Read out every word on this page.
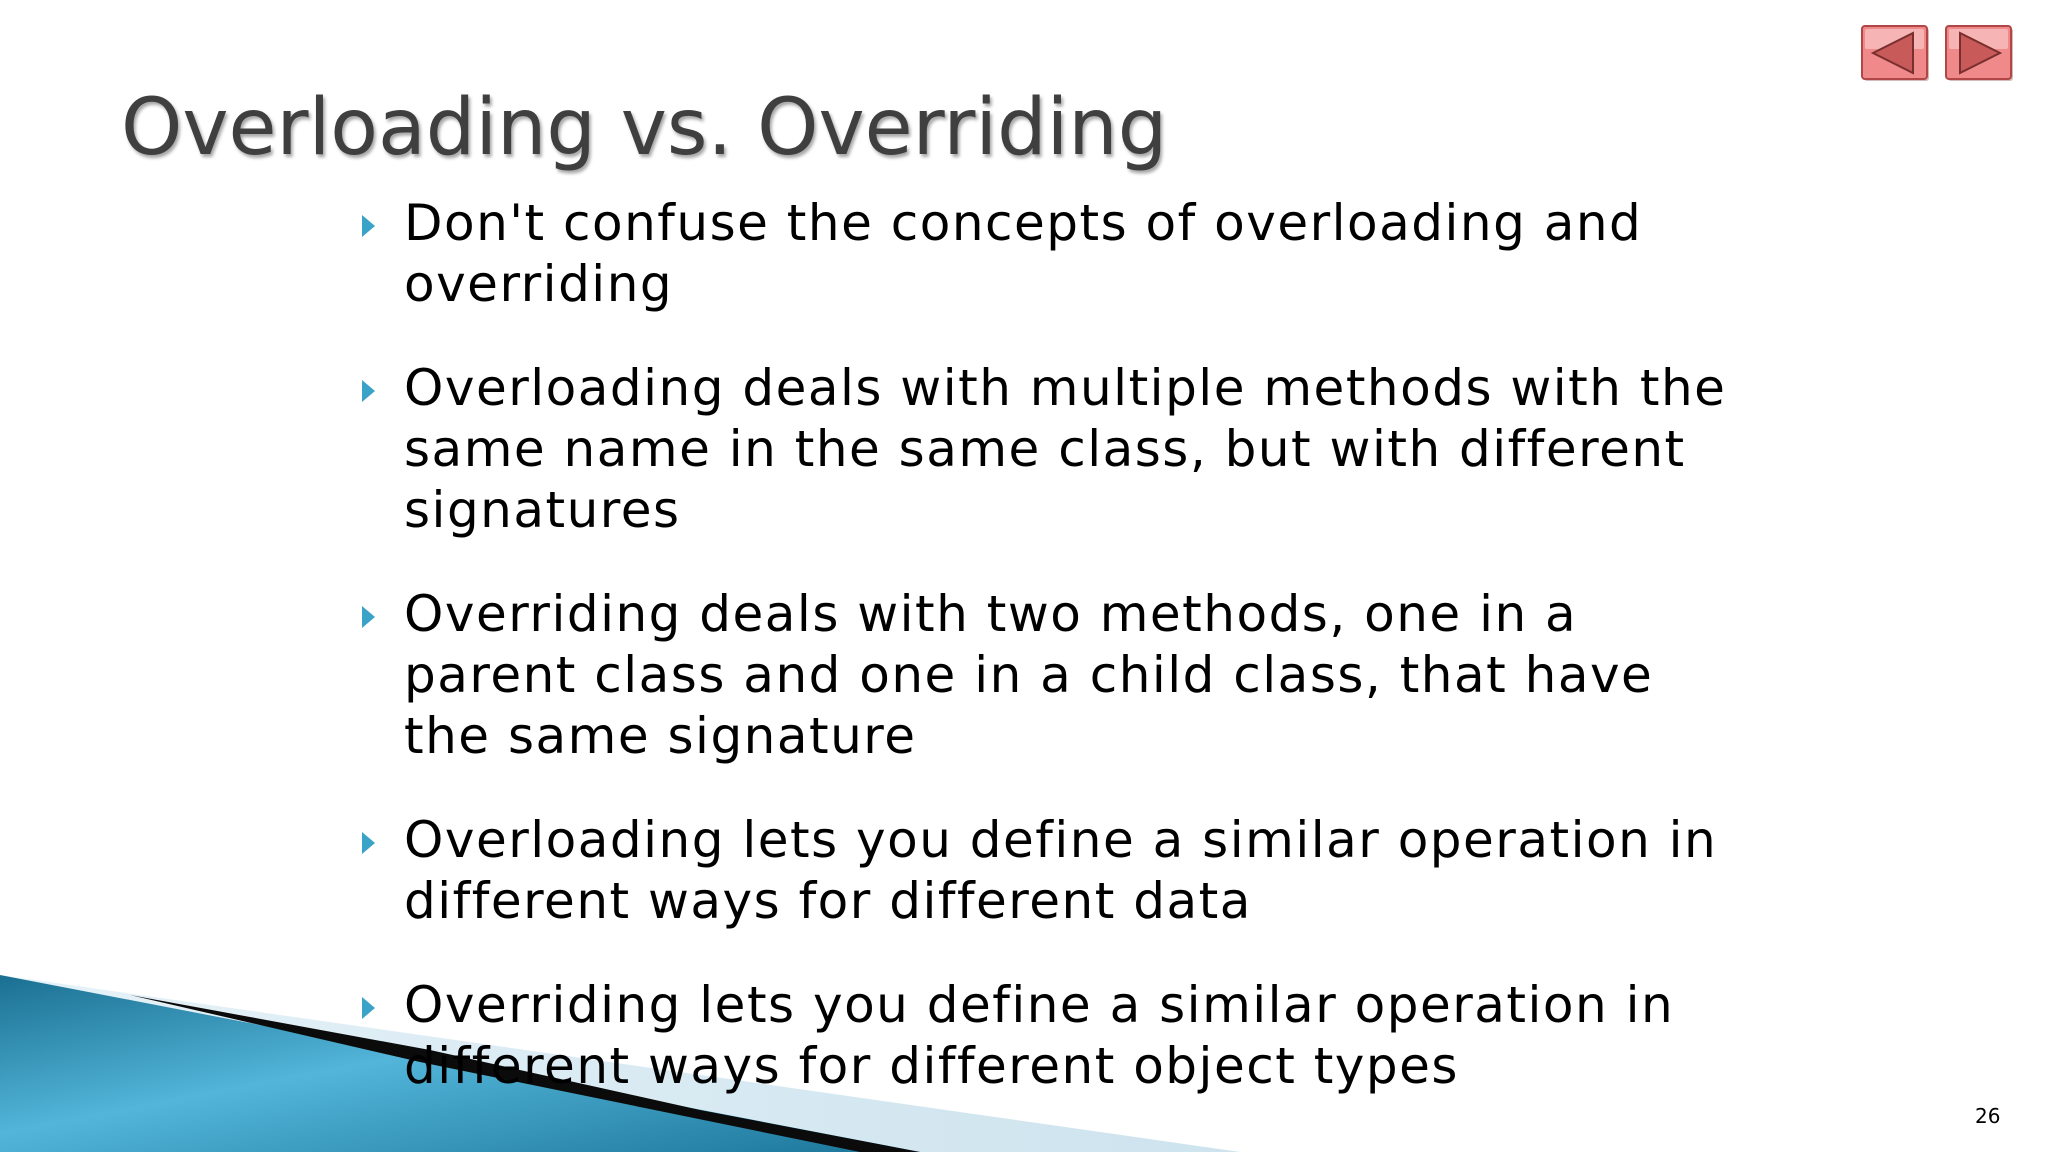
Overloading vs. Overriding
Don't confuse the concepts of overloading and overriding
Overloading deals with multiple methods with the same name in the same class, but with different signatures
Overriding deals with two methods, one in a parent class and one in a child class, that have the same signature
Overloading lets you define a similar operation in different ways for different data
Overriding lets you define a similar operation in different ways for different object types
26
